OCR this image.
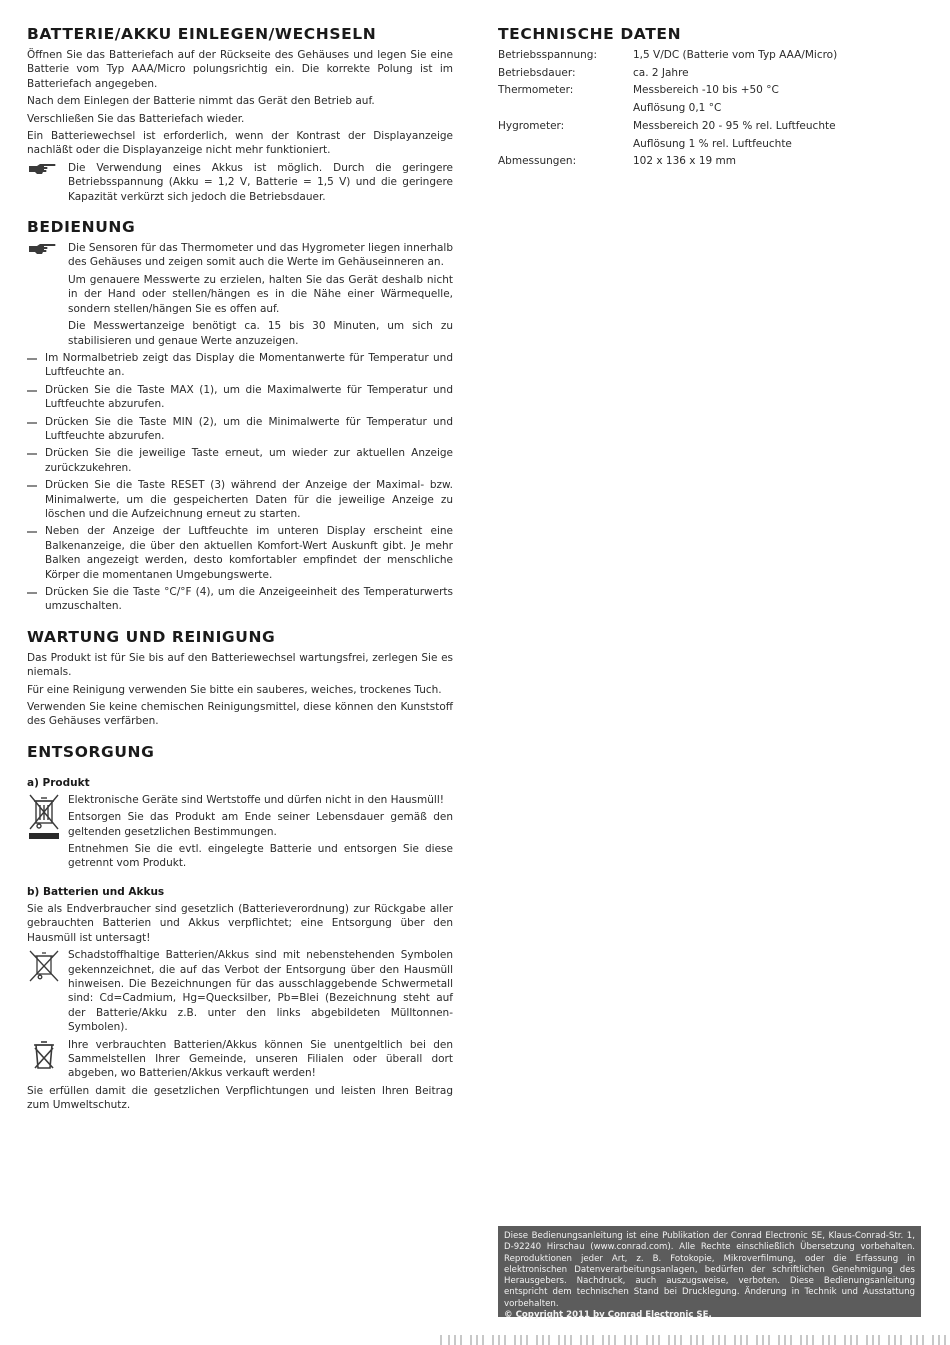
BATTERIE/AKKU EINLEGEN/WECHSELN

Öffnen Sie das Batteriefach auf der Rückseite des Gehäuses und legen Sie eine Batterie vom Typ AAA/Micro polungsrichtig ein. Die korrekte Polung ist im Batteriefach angegeben.

Nach dem Einlegen der Batterie nimmt das Gerät den Betrieb auf.

Verschließen Sie das Batteriefach wieder.

Ein Batteriewechsel ist erforderlich, wenn der Kontrast der Displayanzeige nachläßt oder die Displayanzeige nicht mehr funktioniert.

Die Verwendung eines Akkus ist möglich. Durch die geringere Betriebsspannung (Akku = 1,2 V, Batterie = 1,5 V) und die geringere Kapazität verkürzt sich jedoch die Betriebsdauer.

BEDIENUNG

Die Sensoren für das Thermometer und das Hygrometer liegen innerhalb des Gehäuses und zeigen somit auch die Werte im Gehäuseinneren an.

Um genauere Messwerte zu erzielen, halten Sie das Gerät deshalb nicht in der Hand oder stellen/hängen es in die Nähe einer Wärmequelle, sondern stellen/hängen Sie es offen auf.

Die Messwertanzeige benötigt ca. 15 bis 30 Minuten, um sich zu stabilisieren und genaue Werte anzuzeigen.

Im Normalbetrieb zeigt das Display die Momentanwerte für Temperatur und Luftfeuchte an.
Drücken Sie die Taste MAX (1), um die Maximalwerte für Temperatur und Luftfeuchte abzurufen.
Drücken Sie die Taste MIN (2), um die Minimalwerte für Temperatur und Luftfeuchte abzurufen.
Drücken Sie die jeweilige Taste erneut, um wieder zur aktuellen Anzeige zurückzukehren.
Drücken Sie die Taste RESET (3) während der Anzeige der Maximal- bzw. Minimalwerte, um die gespeicherten Daten für die jeweilige Anzeige zu löschen und die Aufzeichnung erneut zu starten.
Neben der Anzeige der Luftfeuchte im unteren Display erscheint eine Balkenanzeige, die über den aktuellen Komfort-Wert Auskunft gibt. Je mehr Balken angezeigt werden, desto komfortabler empfindet der menschliche Körper die momentanen Umgebungswerte.
Drücken Sie die Taste °C/°F (4), um die Anzeigeeinheit des Temperaturwerts umzuschalten.
WARTUNG UND REINIGUNG

Das Produkt ist für Sie bis auf den Batteriewechsel wartungsfrei, zerlegen Sie es niemals.

Für eine Reinigung verwenden Sie bitte ein sauberes, weiches, trockenes Tuch.

Verwenden Sie keine chemischen Reinigungsmittel, diese können den Kunststoff des Gehäuses verfärben.

ENTSORGUNG
a) Produkt

Elektronische Geräte sind Wertstoffe und dürfen nicht in den Hausmüll!

Entsorgen Sie das Produkt am Ende seiner Lebensdauer gemäß den geltenden gesetzlichen Bestimmungen.

Entnehmen Sie die evtl. eingelegte Batterie und entsorgen Sie diese getrennt vom Produkt.

b) Batterien und Akkus

Sie als Endverbraucher sind gesetzlich (Batterieverordnung) zur Rückgabe aller gebrauchten Batterien und Akkus verpflichtet; eine Entsorgung über den Hausmüll ist untersagt!

Schadstoffhaltige Batterien/Akkus sind mit nebenstehenden Symbolen gekennzeichnet, die auf das Verbot der Entsorgung über den Hausmüll hinweisen. Die Bezeichnungen für das ausschlaggebende Schwermetall sind: Cd=Cadmium, Hg=Quecksilber, Pb=Blei (Bezeichnung steht auf der Batterie/Akku z.B. unter den links abgebildeten Mülltonnen-Symbolen).

Ihre verbrauchten Batterien/Akkus können Sie unentgeltlich bei den Sammelstellen Ihrer Gemeinde, unseren Filialen oder überall dort abgeben, wo Batterien/Akkus verkauft werden!

Sie erfüllen damit die gesetzlichen Verpflichtungen und leisten Ihren Beitrag zum Umweltschutz.

TECHNISCHE DATEN
Betriebsspannung:	1,5 V/DC (Batterie vom Typ AAA/Micro)
Betriebsdauer:	ca. 2 Jahre
Thermometer:	Messbereich -10 bis +50 °C
	Auflösung 0,1 °C
Hygrometer:	Messbereich 20 - 95 % rel. Luftfeuchte
	Auflösung 1 % rel. Luftfeuchte
Abmessungen:	102 x 136 x 19 mm
Diese Bedienungsanleitung ist eine Publikation der Conrad Electronic SE, Klaus-Conrad-Str. 1, D-92240 Hirschau (www.conrad.com). Alle Rechte einschließlich Übersetzung vorbehalten. Reproduktionen jeder Art, z. B. Fotokopie, Mikroverfilmung, oder die Erfassung in elektronischen Datenverarbeitungsanlagen, bedürfen der schriftlichen Genehmigung des Herausgebers. Nachdruck, auch auszugsweise, verboten. Diese Bedienungsanleitung entspricht dem technischen Stand bei Drucklegung. Änderung in Technik und Ausstattung vorbehalten.
© Copyright 2011 by Conrad Electronic SE.
